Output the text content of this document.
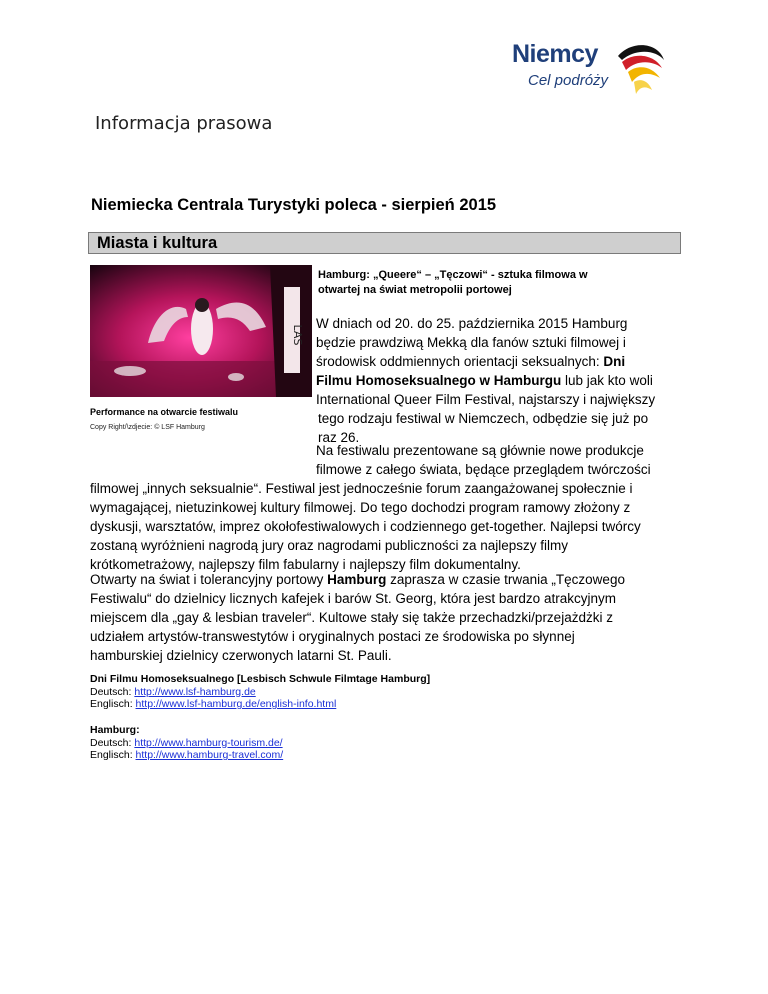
Niemcy
Cel podróży
Informacja prasowa
Niemiecka Centrala Turystyki poleca - sierpień 2015
Miasta i kultura
LAS
Performance na otwarcie festiwalu
Copy Right/\zdjecie: © LSF Hamburg
Hamburg: „Queere“ – „Tęczowi“ - sztuka filmowa w
otwartej na świat metropolii portowej
W dniach od 20. do 25. października 2015 Hamburg
będzie prawdziwą Mekką dla fanów sztuki filmowej i
środowisk oddmiennych orientacji seksualnych: Dni
Filmu Homoseksualnego w Hamburgu lub jak kto woli
International Queer Film Festival, najstarszy i największy
tego rodzaju festiwal w Niemczech, odbędzie się już po
raz 26.
Na festiwalu prezentowane są głównie nowe produkcje
filmowe z całego świata, będące przeglądem twórczości
filmowej „innych seksualnie“. Festiwal jest jednocześnie forum zaangażowanej społecznie i
wymagającej, nietuzinkowej kultury filmowej. Do tego dochodzi program ramowy złożony z
dyskusji, warsztatów, imprez okołofestiwalowych i codziennego get-together. Najlepsi twórcy
zostaną wyróżnieni nagrodą jury oraz nagrodami publiczności za najlepszy filmy
krótkometrażowy, najlepszy film fabularny i najlepszy film dokumentalny.
Otwarty na świat i tolerancyjny portowy Hamburg zaprasza w czasie trwania „Tęczowego
Festiwalu“ do dzielnicy licznych kafejek i barów St. Georg, która jest bardzo atrakcyjnym
miejscem dla „gay & lesbian traveler“. Kultowe stały się także przechadzki/przejażdżki z
udziałem artystów-transwestytów i oryginalnych postaci ze środowiska po słynnej
hamburskiej dzielnicy czerwonych latarni St. Pauli.
Dni Filmu Homoseksualnego [Lesbisch Schwule Filmtage Hamburg]
Deutsch: http://www.lsf-hamburg.de
Englisch: http://www.lsf-hamburg.de/english-info.html
Hamburg:
Deutsch: http://www.hamburg-tourism.de/
Englisch: http://www.hamburg-travel.com/
